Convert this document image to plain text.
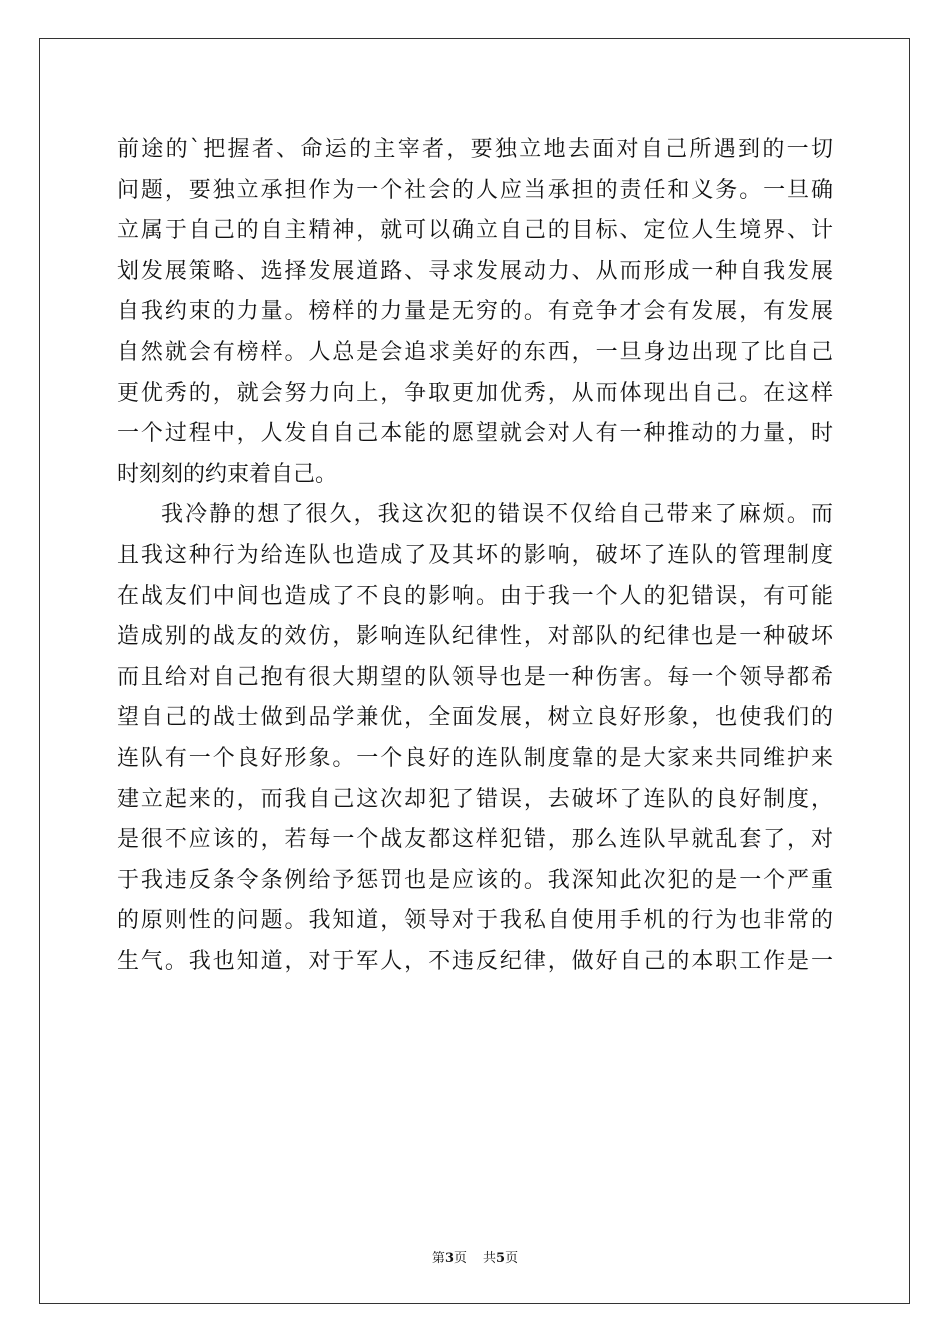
前途的`把握者、命运的主宰者，要独立地去面对自己所遇到的一切
问题，要独立承担作为一个社会的人应当承担的责任和义务。一旦确
立属于自己的自主精神，就可以确立自己的目标、定位人生境界、计
划发展策略、选择发展道路、寻求发展动力、从而形成一种自我发展
自我约束的力量。榜样的力量是无穷的。有竞争才会有发展，有发展
自然就会有榜样。人总是会追求美好的东西，一旦身边出现了比自己
更优秀的，就会努力向上，争取更加优秀，从而体现出自己。在这样
一个过程中，人发自自己本能的愿望就会对人有一种推动的力量，时
时刻刻的约束着自己。
我冷静的想了很久，我这次犯的错误不仅给自己带来了麻烦。而
且我这种行为给连队也造成了及其坏的影响，破坏了连队的管理制度
在战友们中间也造成了不良的影响。由于我一个人的犯错误，有可能
造成别的战友的效仿，影响连队纪律性，对部队的纪律也是一种破坏
而且给对自己抱有很大期望的队领导也是一种伤害。每一个领导都希
望自己的战士做到品学兼优，全面发展，树立良好形象，也使我们的
连队有一个良好形象。一个良好的连队制度靠的是大家来共同维护来
建立起来的，而我自己这次却犯了错误，去破坏了连队的良好制度，
是很不应该的，若每一个战友都这样犯错，那么连队早就乱套了，对
于我违反条令条例给予惩罚也是应该的。我深知此次犯的是一个严重
的原则性的问题。我知道，领导对于我私自使用手机的行为也非常的
生气。我也知道，对于军人，不违反纪律，做好自己的本职工作是一
第3页 共5页
